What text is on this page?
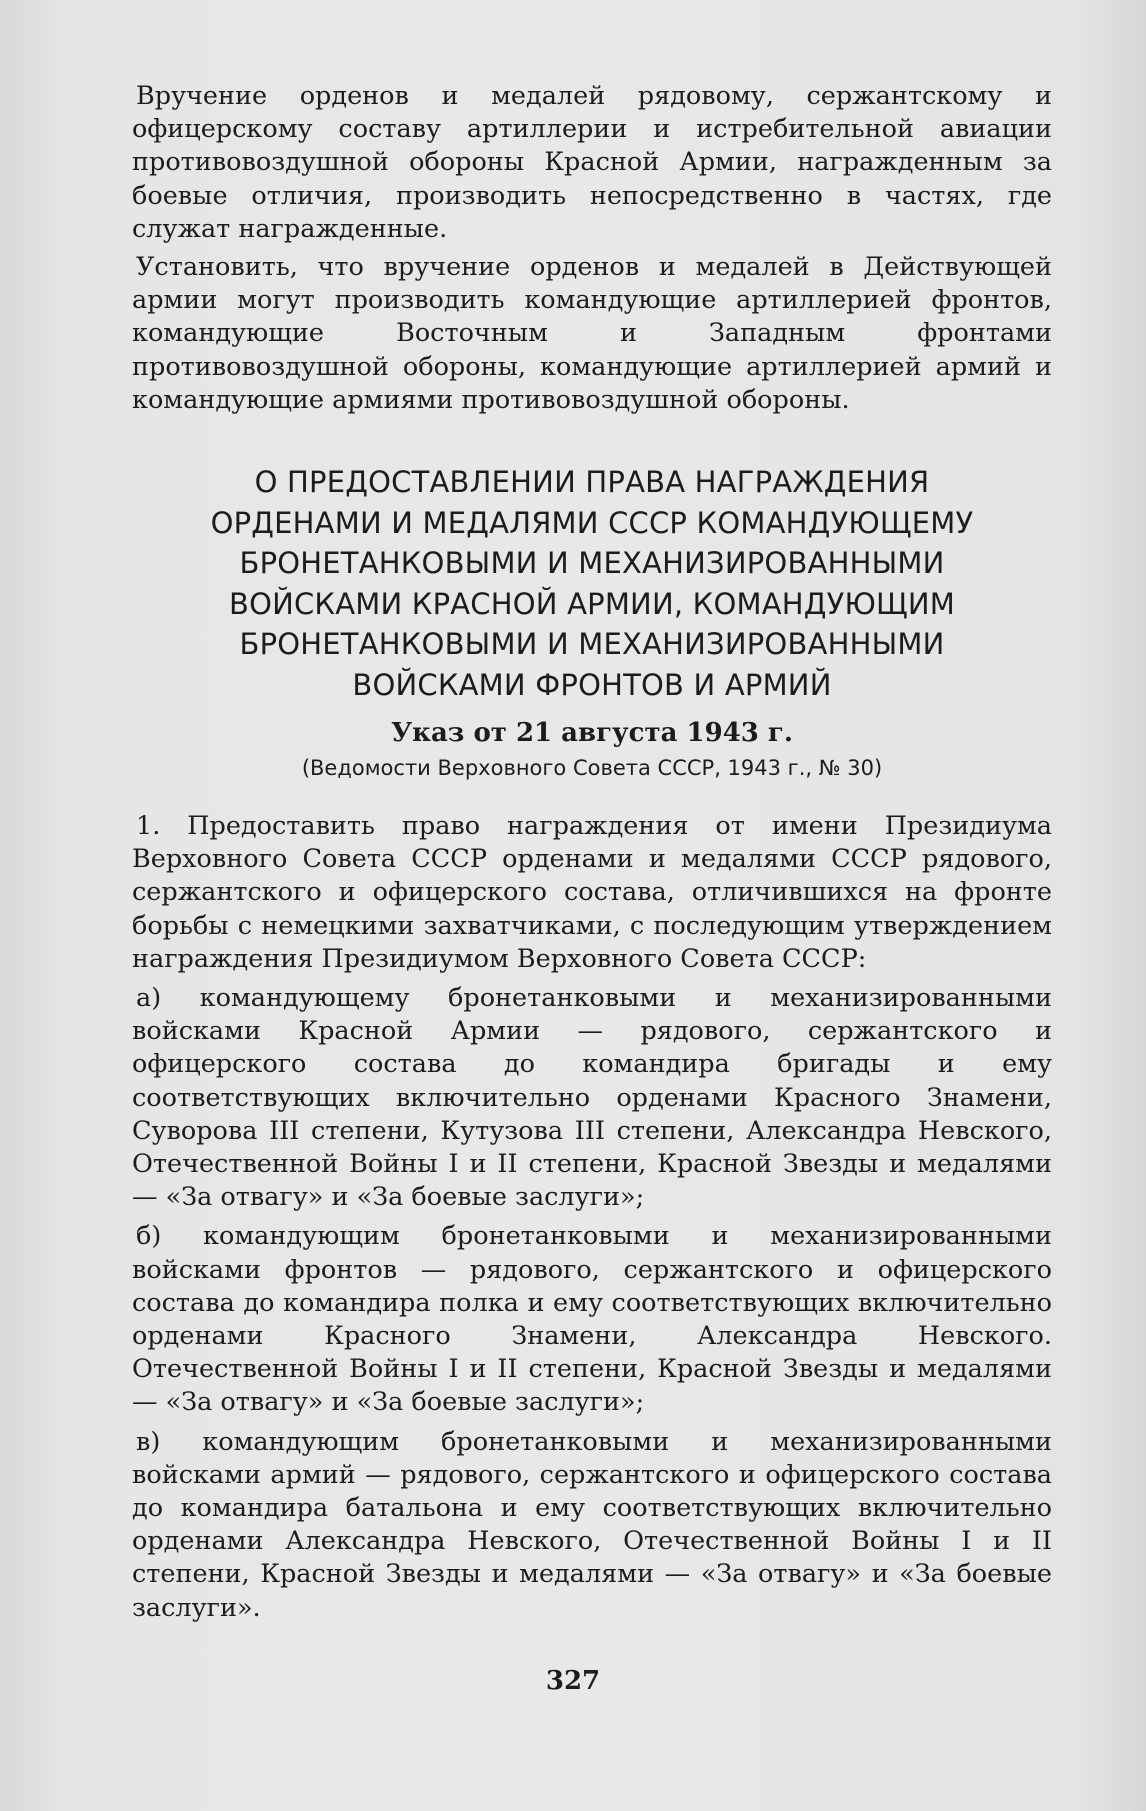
Вручение орденов и медалей рядовому, сержантскому и офицерскому составу артиллерии и истребительной авиации противовоздушной обороны Красной Армии, награжденным за боевые отличия, производить непосредственно в частях, где служат награжденные.

Установить, что вручение орденов и медалей в Действующей армии могут производить командующие артиллерией фронтов, командующие Восточным и Западным фронтами противовоздушной обороны, командующие артиллерией армий и командующие армиями противовоздушной обороны.

О ПРЕДОСТАВЛЕНИИ ПРАВА НАГРАЖДЕНИЯ
ОРДЕНАМИ И МЕДАЛЯМИ СССР КОМАНДУЮЩЕМУ
БРОНЕТАНКОВЫМИ И МЕХАНИЗИРОВАННЫМИ
ВОЙСКАМИ КРАСНОЙ АРМИИ, КОМАНДУЮЩИМ
БРОНЕТАНКОВЫМИ И МЕХАНИЗИРОВАННЫМИ
ВОЙСКАМИ ФРОНТОВ И АРМИЙ
Указ от 21 августа 1943 г.
(Ведомости Верховного Совета СССР, 1943 г., № 30)

1. Предоставить право награждения от имени Президиума Верховного Совета СССР орденами и медалями СССР рядового, сержантского и офицерского состава, отличившихся на фронте борьбы с немецкими захватчиками, с последующим утверждением награждения Президиумом Верховного Совета СССР:

а) командующему бронетанковыми и механизированными войсками Красной Армии — рядового, сержантского и офицерского состава до командира бригады и ему соответствующих включительно орденами Красного Знамени, Суворова III степени, Кутузова III степени, Александра Невского, Отечественной Войны I и II степени, Красной Звезды и медалями — «За отвагу» и «За боевые заслуги»;

б) командующим бронетанковыми и механизированными войсками фронтов — рядового, сержантского и офицерского состава до командира полка и ему соответствующих включительно орденами Красного Знамени, Александра Невского. Отечественной Войны I и II степени, Красной Звезды и медалями — «За отвагу» и «За боевые заслуги»;

в) командующим бронетанковыми и механизированными войсками армий — рядового, сержантского и офицерского состава до командира батальона и ему соответствующих включительно орденами Александра Невского, Отечественной Войны I и II степени, Красной Звезды и медалями — «За отвагу» и «За боевые заслуги».

327
